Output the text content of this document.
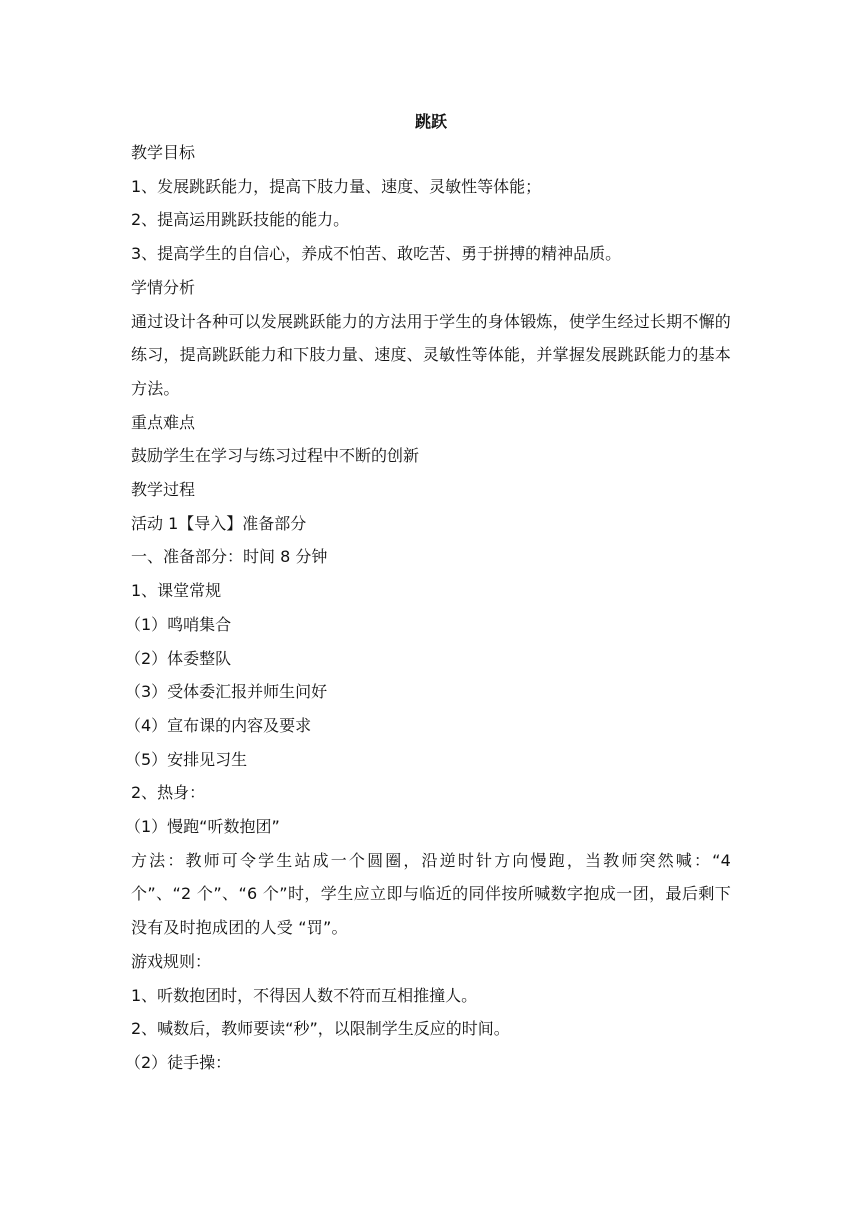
跳跃

教学目标

1、发展跳跃能力，提高下肢力量、速度、灵敏性等体能；

2、提高运用跳跃技能的能力。

3、提高学生的自信心，养成不怕苦、敢吃苦、勇于拼搏的精神品质。

学情分析

通过设计各种可以发展跳跃能力的方法用于学生的身体锻炼，使学生经过长期不懈的练习，提高跳跃能力和下肢力量、速度、灵敏性等体能，并掌握发展跳跃能力的基本方法。

重点难点

鼓励学生在学习与练习过程中不断的创新

教学过程

活动 1【导入】准备部分

一、准备部分：时间 8 分钟

1、课堂常规

（1）鸣哨集合

（2）体委整队

（3）受体委汇报并师生问好

（4）宣布课的内容及要求

（5）安排见习生

2、热身：

（1）慢跑“听数抱团”

方法：教师可令学生站成一个圆圈，沿逆时针方向慢跑，当教师突然喊：“4 个”、“2 个”、“6 个”时，学生应立即与临近的同伴按所喊数字抱成一团，最后剩下没有及时抱成团的人受 “罚”。

游戏规则：

1、听数抱团时，不得因人数不符而互相推撞人。

2、喊数后，教师要读“秒”，以限制学生反应的时间。

（2）徒手操：
